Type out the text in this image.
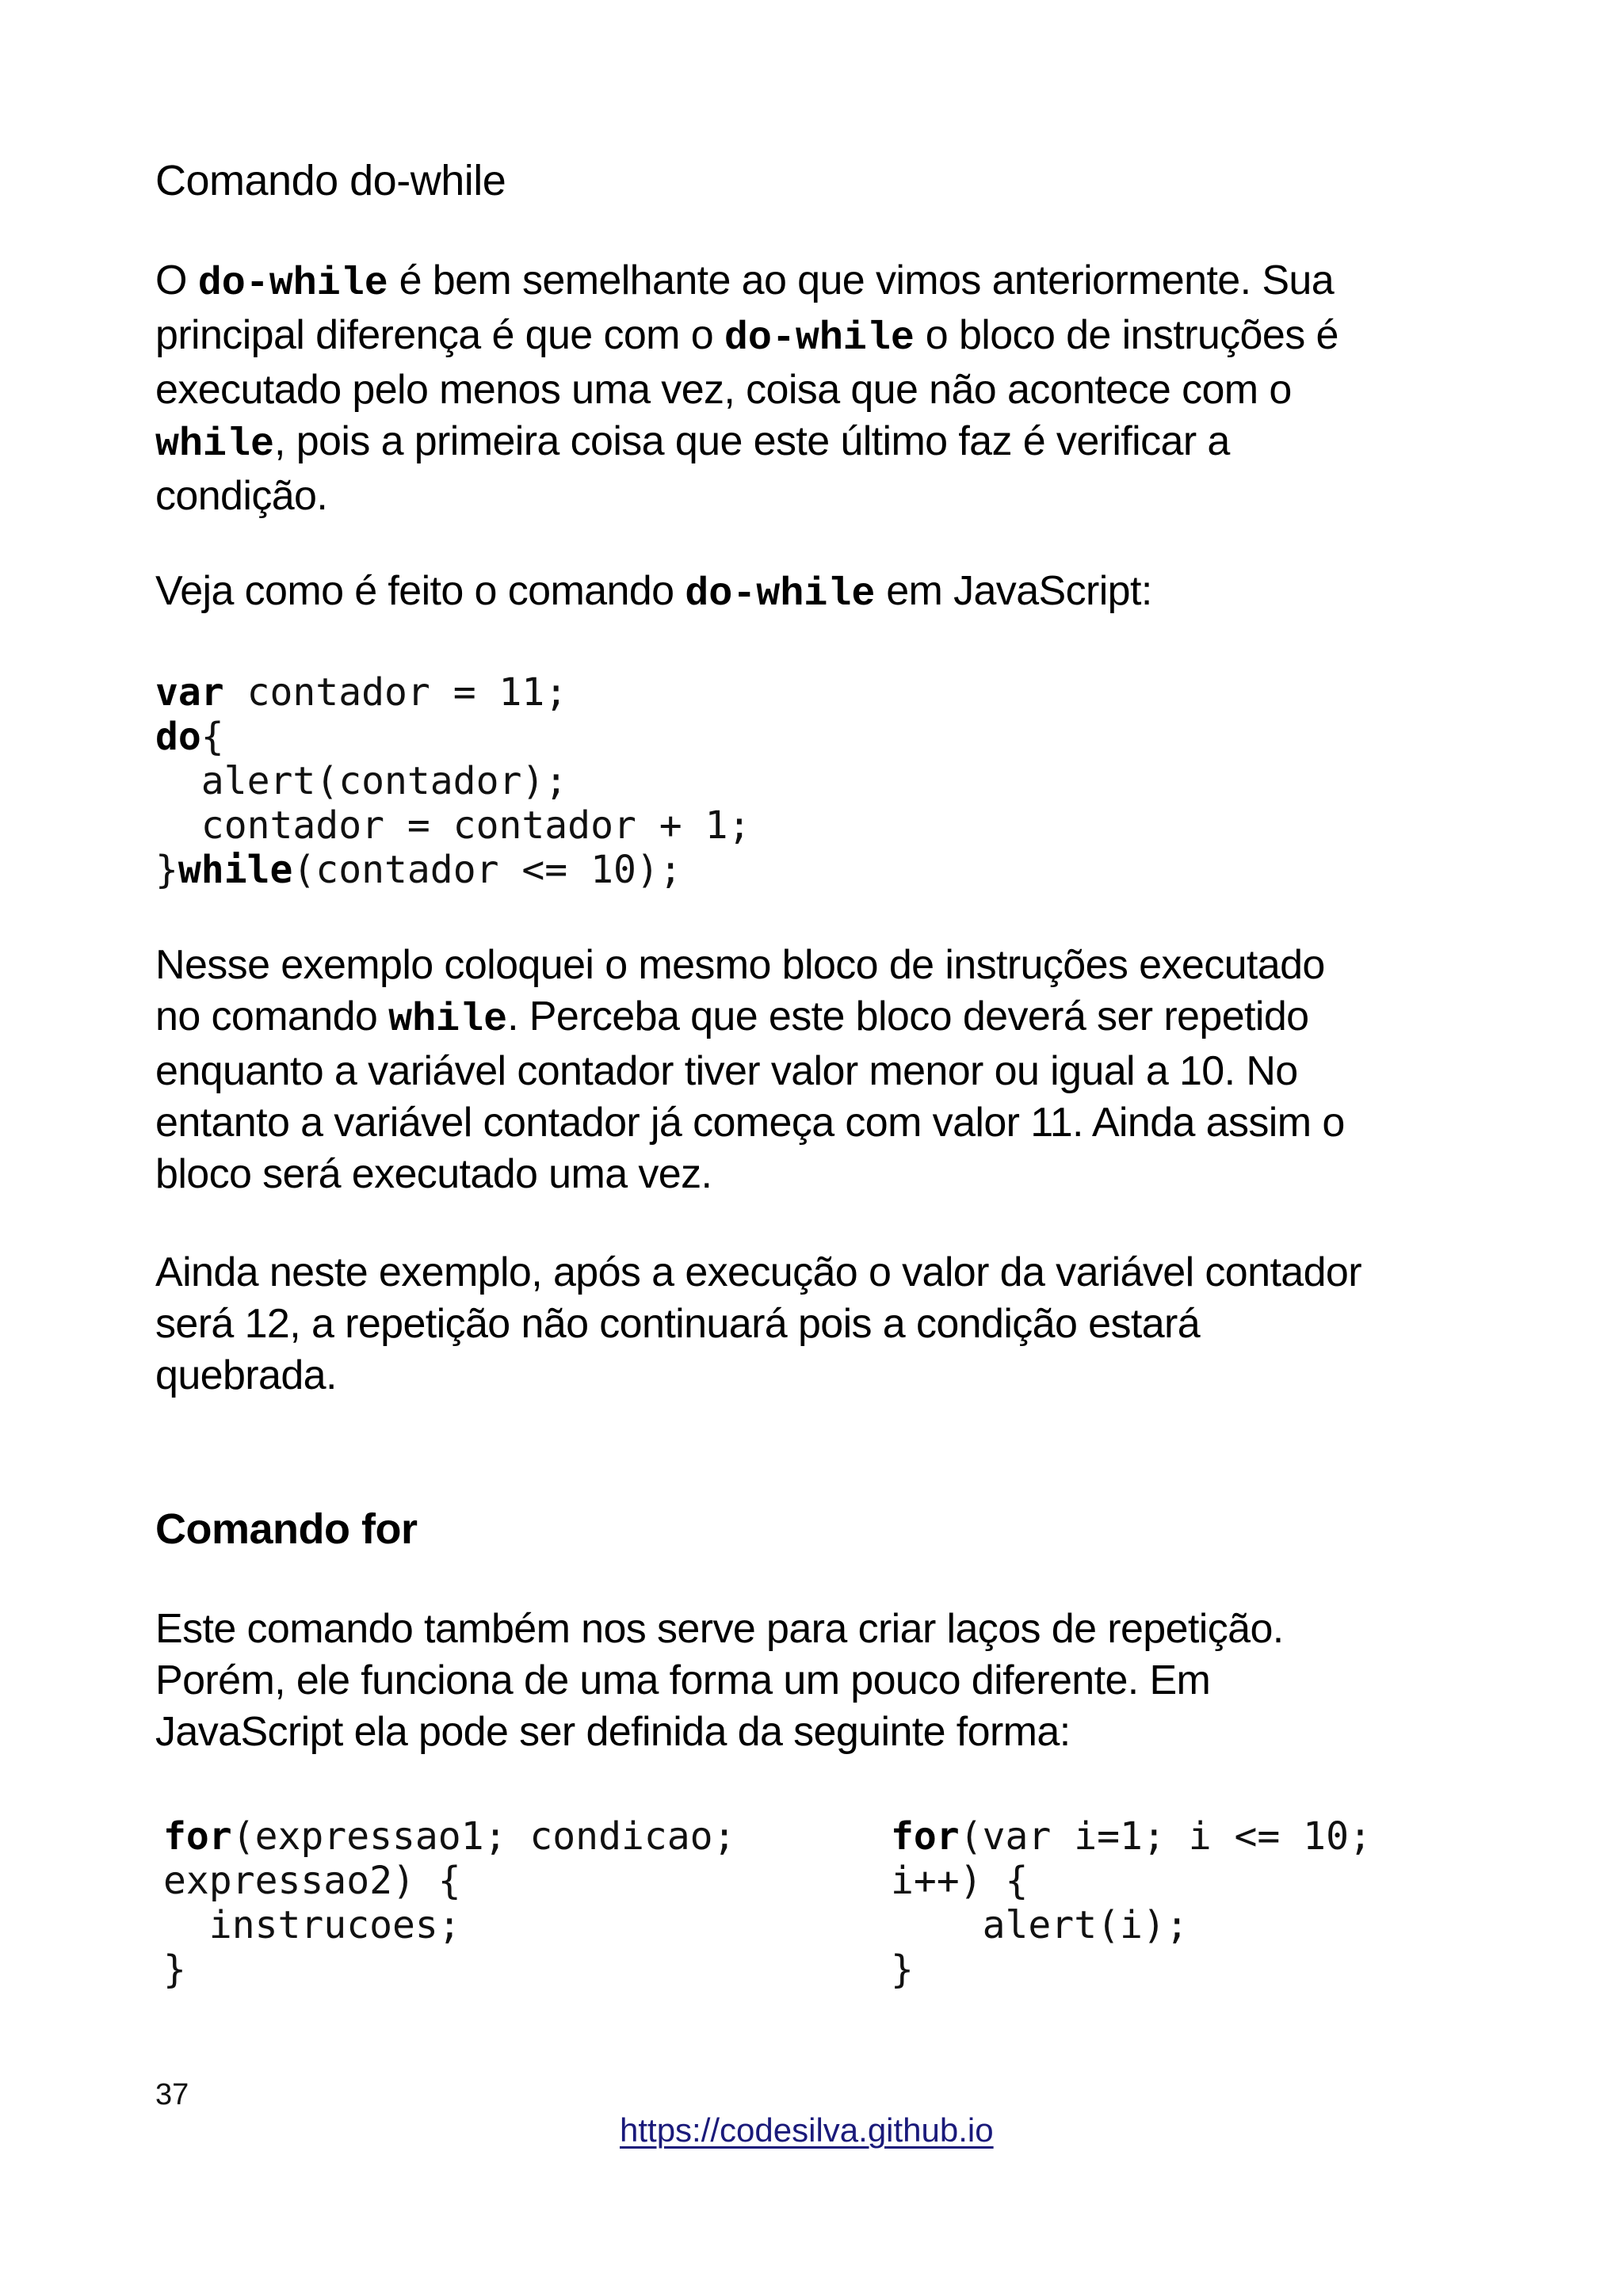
Comando do-while
O do-while é bem semelhante ao que vimos anteriormente. Sua
principal diferença é que com o do-while o bloco de instruções é
executado pelo menos uma vez, coisa que não acontece com o
while, pois a primeira coisa que este último faz é verificar a
condição.
Veja como é feito o comando do-while em JavaScript:
var contador = 11;
do{
alert(contador);
contador = contador + 1;
}while(contador <= 10);
Nesse exemplo coloquei o mesmo bloco de instruções executado
no comando while. Perceba que este bloco deverá ser repetido
enquanto a variável contador tiver valor menor ou igual a 10. No
entanto a variável contador já começa com valor 11. Ainda assim o
bloco será executado uma vez.
Ainda neste exemplo, após a execução o valor da variável contador
será 12, a repetição não continuará pois a condição estará
quebrada.
Comando for
Este comando também nos serve para criar laços de repetição.
Porém, ele funciona de uma forma um pouco diferente. Em
JavaScript ela pode ser definida da seguinte forma:
for(expressao1; condicao;
expressao2) {
instrucoes;
}
for(var i=1; i <= 10;
i++) {
alert(i);
}
37
https://codesilva.github.io
